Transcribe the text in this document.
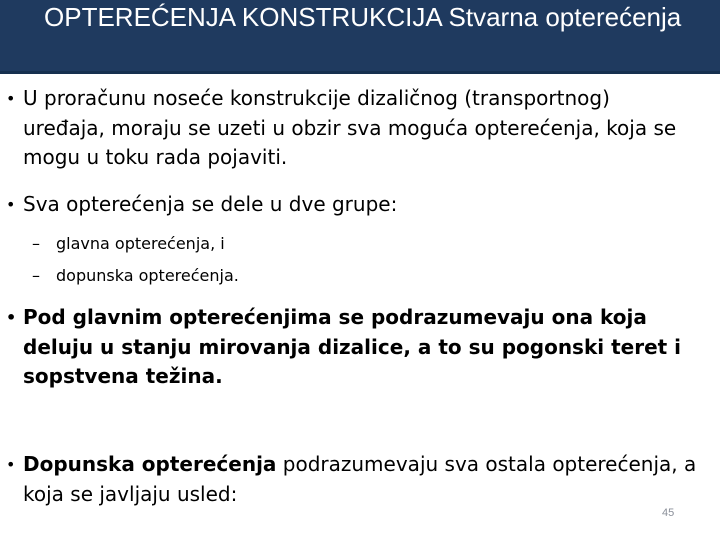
OPTEREĆENJA KONSTRUKCIJA Stvarna opterećenja
• U proračunu noseće konstrukcije dizaličnog (transportnog) uređaja, moraju se uzeti u obzir sva moguća opterećenja, koja se mogu u toku rada pojaviti.
• Sva opterećenja se dele u dve grupe:
– glavna opterećenja, i
– dopunska opterećenja.
• Pod glavnim opterećenjima se podrazumevaju ona koja deluju u stanju mirovanja dizalice, a to su pogonski teret i sopstvena težina.
• Dopunska opterećenja podrazumevaju sva ostala opterećenja, a koja se javljaju usled:
45
